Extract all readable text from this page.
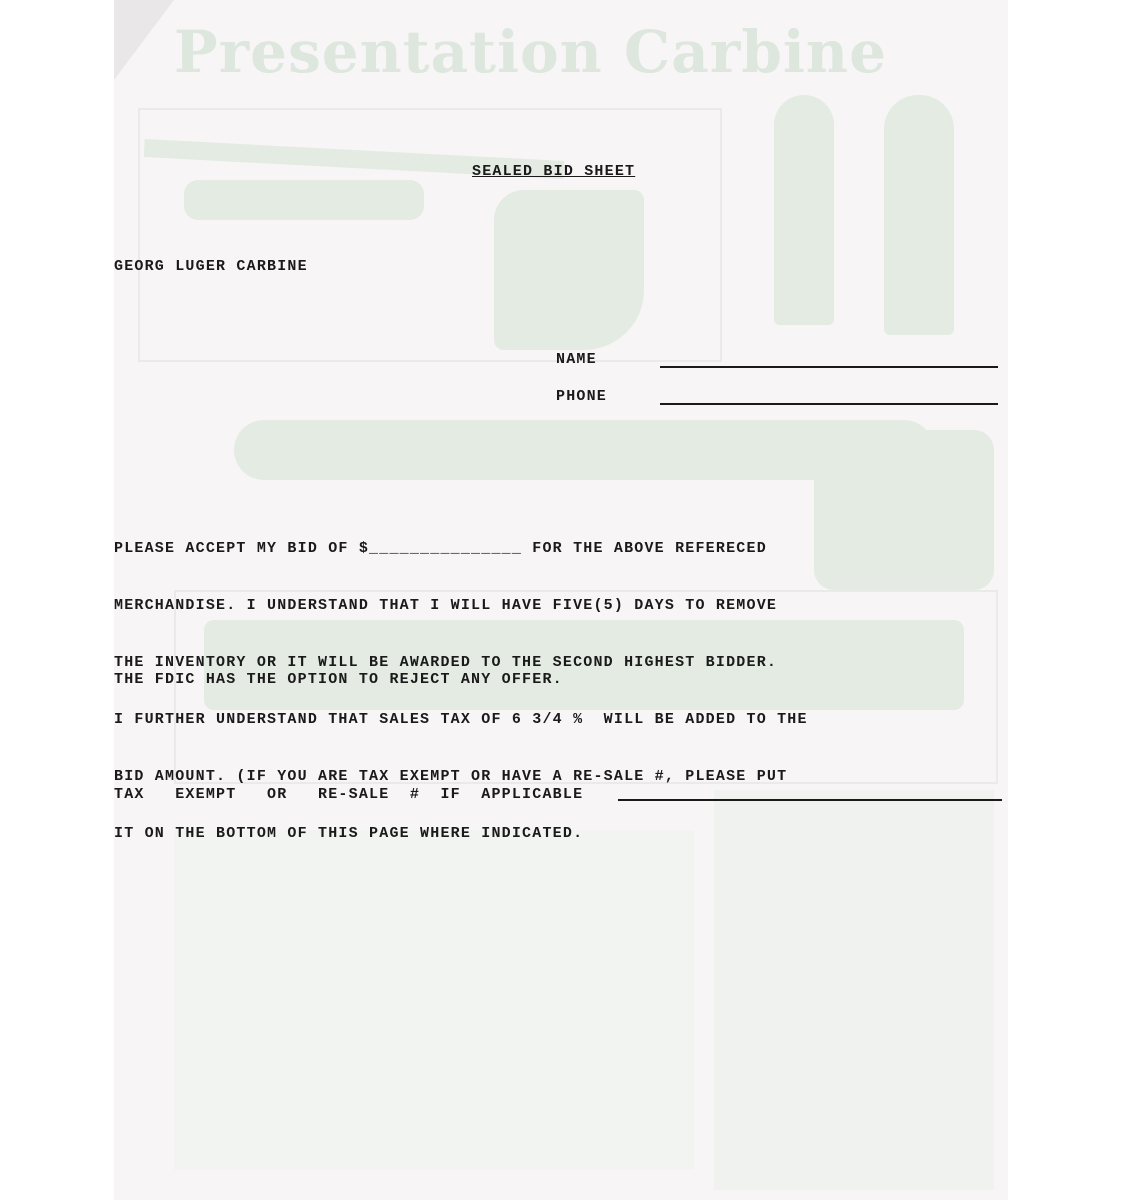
Presentation Carbine
SEALED BID SHEET
GEORG LUGER CARBINE
NAME
PHONE

PLEASE ACCEPT MY BID OF $_______________ FOR THE ABOVE REFERECED

MERCHANDISE. I UNDERSTAND THAT I WILL HAVE FIVE(5) DAYS TO REMOVE

THE INVENTORY OR IT WILL BE AWARDED TO THE SECOND HIGHEST BIDDER.

I FURTHER UNDERSTAND THAT SALES TAX OF 6 3/4 %  WILL BE ADDED TO THE

BID AMOUNT. (IF YOU ARE TAX EXEMPT OR HAVE A RE-SALE #, PLEASE PUT

IT ON THE BOTTOM OF THIS PAGE WHERE INDICATED.

THE FDIC HAS THE OPTION TO REJECT ANY OFFER.
TAX   EXEMPT   OR   RE-SALE  #  IF  APPLICABLE
